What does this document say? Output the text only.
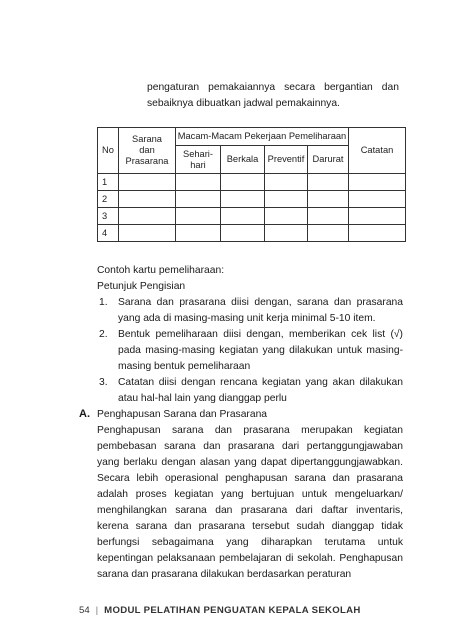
pengaturan pemakaiannya secara bergantian dan sebaiknya dibuatkan jadwal pemakainnya.

No	Sarana dan Prasarana	Macam-Macam Pekerjaan Pemeliharaan				Catatan

		Sehari-hari	Berkala	Preventif	Darurat	
1						
2						
3						
4						

Contoh kartu pemeliharaan:

Petunjuk Pengisian

1. Sarana dan prasarana diisi dengan, sarana dan prasarana yang ada di masing-masing unit kerja minimal 5-10 item.
2. Bentuk pemeliharaan diisi dengan, memberikan cek list (√) pada masing-masing kegiatan yang dilakukan untuk masing-masing bentuk pemeliharaan
3. Catatan diisi dengan rencana kegiatan yang akan dilakukan atau hal-hal lain yang dianggap perlu

A. Penghapusan Sarana dan Prasarana

Penghapusan sarana dan prasarana merupakan kegiatan pembebasan sarana dan prasarana dari pertanggungjawaban yang berlaku dengan alasan yang dapat dipertanggungjawabkan. Secara lebih operasional penghapusan sarana dan prasarana adalah proses kegiatan yang bertujuan untuk mengeluarkan/ menghilangkan sarana dan prasarana dari daftar inventaris, kerena sarana dan prasarana tersebut sudah dianggap tidak berfungsi sebagaimana yang diharapkan terutama untuk kepentingan pelaksanaan pembelajaran di sekolah. Penghapusan sarana dan prasarana dilakukan berdasarkan peraturan

54 | MODUL PELATIHAN PENGUATAN KEPALA SEKOLAH
